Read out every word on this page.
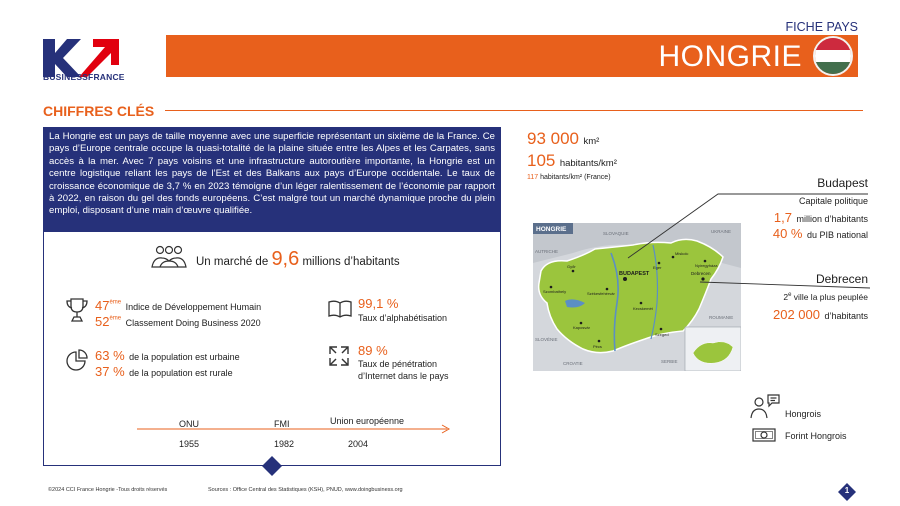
BUSINESSFRANCE
FICHE PAYS
HONGRIE
CHIFFRES CLÉS
La Hongrie est un pays de taille moyenne avec une superficie représentant un sixième de la France. Ce pays d’Europe centrale occupe la quasi-totalité de la plaine située entre les Alpes et les Carpates, sans accès à la mer. Avec 7 pays voisins et une infrastructure autoroutière importante, la Hongrie est un centre logistique reliant les pays de l’Est et des Balkans aux pays d’Europe occidentale. Le taux de croissance économique de 3,7 % en 2023 témoigne d’un léger ralentissement de l’économie par rapport à 2022, en raison du gel des fonds européens. C’est malgré tout un marché dynamique proche du plein emploi, disposant d’une main d’œuvre qualifiée.
Un marché de 9,6 millions d’habitants
47ème Indice de Développement Humain
52ème Classement Doing Business 2020
99,1 %
Taux d’alphabétisation
63 % de la population est urbaine
37 % de la population est rurale
89 %
Taux de pénétration
d’Internet dans le pays
ONU	FMI	Union européenne
1955	1982	2004
93 000 km²
105 habitants/km²
117 habitants/km² (France)
HONGRIE
SLOVAQUIE
AUTRICHE
UKRAINE
ROUMANIE
SERBIE
CROATIE
SLOVÉNIE
BUDAPEST	Debrecen
Miskolc
Nyíregyháza
Győr
Szeged
Pécs
Kecskemét
Székesfehérvár
Eger
Kaposvár
Szombathely
Budapest
Capitale politique
1,7 million d’habitants
40 % du PIB national
Debrecen
2e ville la plus peuplée
202 000 d’habitants
Hongrois
Forint Hongrois
©2024 CCI France Hongrie -Tous droits réservés	Sources : Office Central des Statistiques (KSH), PNUD, www.doingbusiness.org	1
